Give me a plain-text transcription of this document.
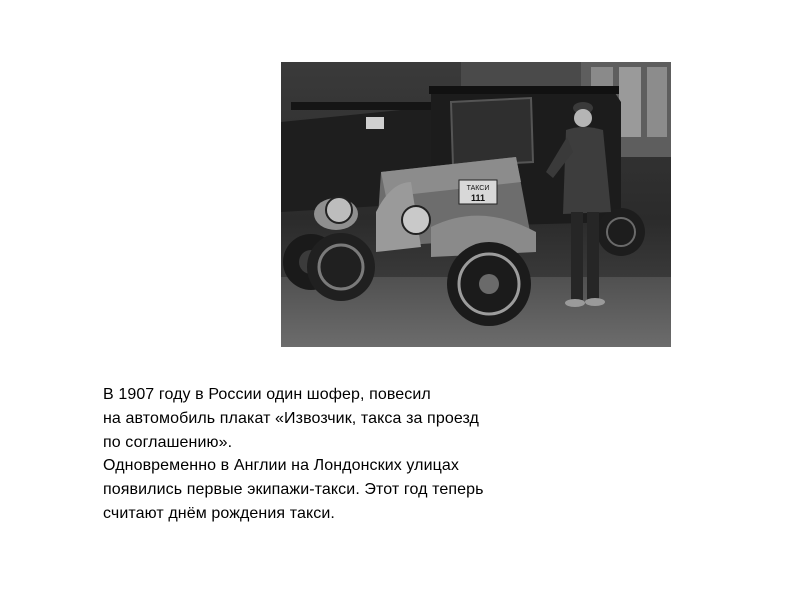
ТАКСИ
111
В 1907 году в России один шофер, повесил
на автомобиль плакат «Извозчик, такса за проезд
по соглашению».
Одновременно в Англии на Лондонских улицах
появились первые экипажи-такси. Этот год теперь
считают днём рождения такси.
